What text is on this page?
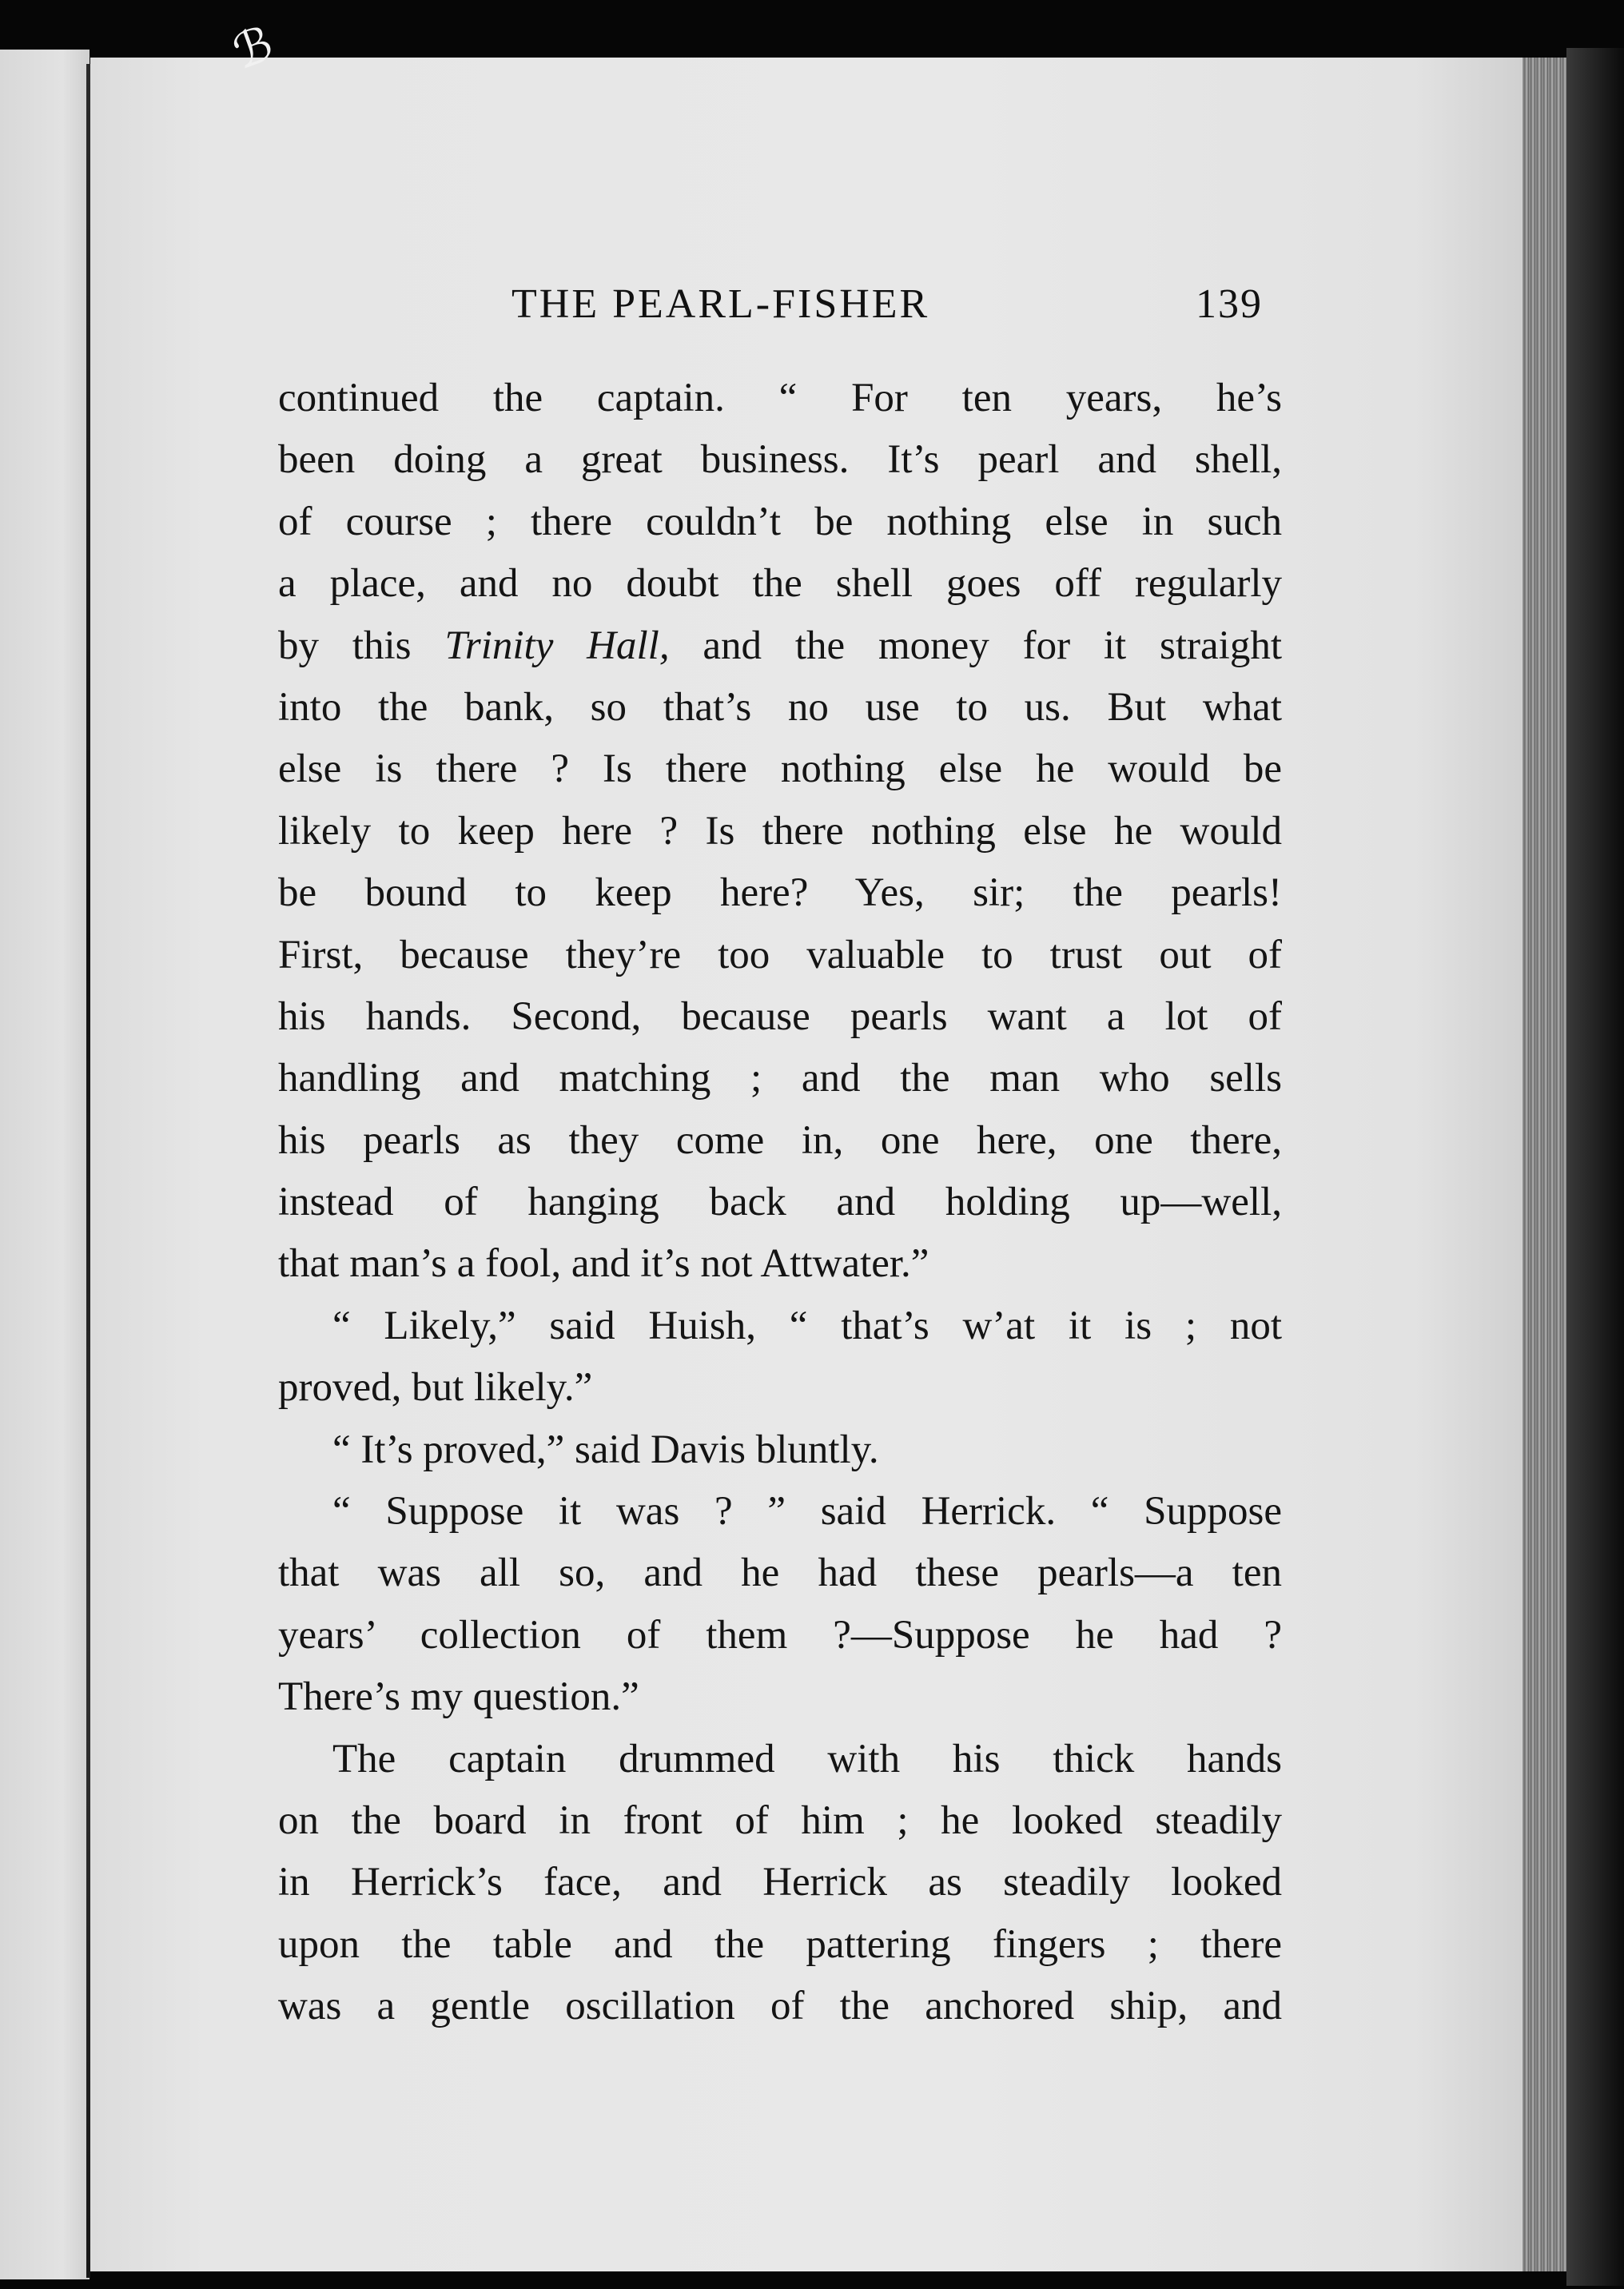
ℬ
THE PEARL-FISHER	139
continued the captain. “ For ten years, he’s
been doing a great business. It’s pearl and shell,
of course ; there couldn’t be nothing else in such
a place, and no doubt the shell goes off regularly
by this Trinity Hall, and the money for it straight
into the bank, so that’s no use to us. But what
else is there ? Is there nothing else he would be
likely to keep here ? Is there nothing else he would
be bound to keep here? Yes, sir; the pearls!
First, because they’re too valuable to trust out of
his hands. Second, because pearls want a lot of
handling and matching ; and the man who sells
his pearls as they come in, one here, one there,
instead of hanging back and holding up—well,
that man’s a fool, and it’s not Attwater.”
“ Likely,” said Huish, “ that’s w’at it is ; not
proved, but likely.”
“ It’s proved,” said Davis bluntly.
“ Suppose it was ? ” said Herrick. “ Suppose
that was all so, and he had these pearls—a ten
years’ collection of them ?—Suppose he had ?
There’s my question.”
The captain drummed with his thick hands
on the board in front of him ; he looked steadily
in Herrick’s face, and Herrick as steadily looked
upon the table and the pattering fingers ; there
was a gentle oscillation of the anchored ship, and
